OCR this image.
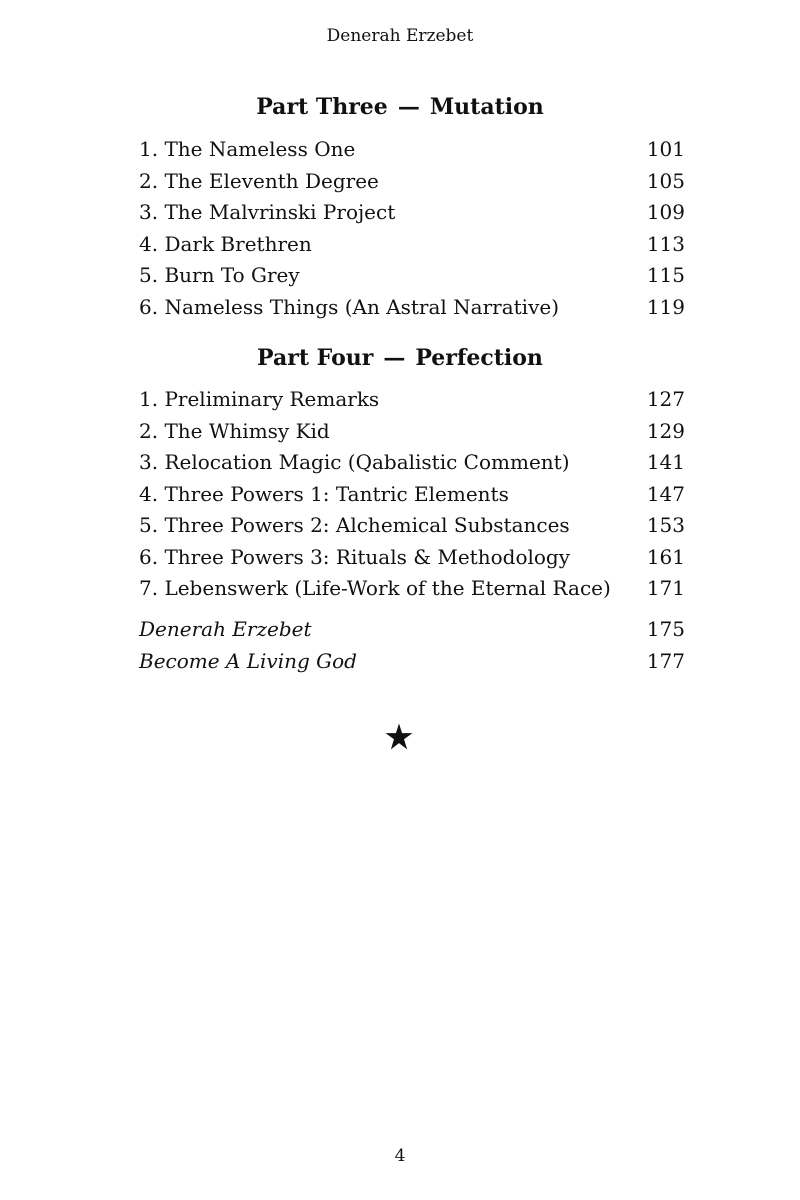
Denerah Erzebet
Part Three — Mutation
1. The Nameless One	101
2. The Eleventh Degree	105
3. The Malvrinski Project	109
4. Dark Brethren	113
5. Burn To Grey	115
6. Nameless Things (An Astral Narrative)	119
Part Four — Perfection
1. Preliminary Remarks	127
2. The Whimsy Kid	129
3. Relocation Magic (Qabalistic Comment)	141
4. Three Powers 1: Tantric Elements	147
5. Three Powers 2: Alchemical Substances	153
6. Three Powers 3: Rituals & Methodology	161
7. Lebenswerk (Life-Work of the Eternal Race) 171
Denerah Erzebet	175
Become A Living God	177
4
